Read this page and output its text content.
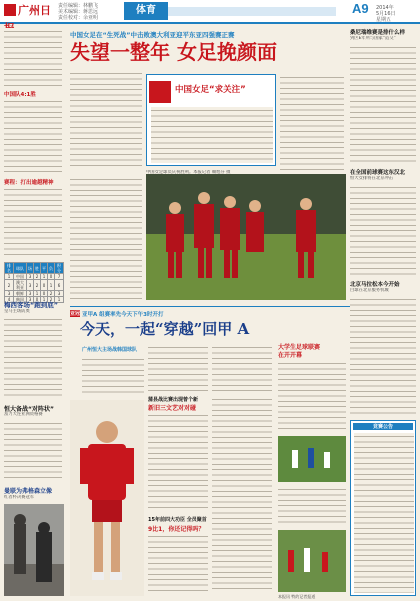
广州日	责任编辑：林鹏飞
美术编辑：蒋思远
责任校对：余亚明
体育	A9 2014年
5月16日
星期五
中国队4:1胜
赛程：打出逾越精神
排名	球队	场	胜	平	负	积分
1	中国	3	2	1	0	7
2	澳大利亚	3	2	0	1	6
3	朝鲜	3	1	0	2	3
4	韩国	3	0	1	2	1
梅西客场“跑到底”
皇马主场防奥
恒大备战“对阵状”
富力大连亚洲资格赛
曼联为弗格森立像
红者杯决赛冠军
中国女足在“生死战”中击败澳大利亚迎平东亚四强赛正赛
失望一整年 女足挽颜面
中国女足“求关注”
中国女足球员庆祝胜利。本报记者 赖旭芬 摄
亚冠 亚甲A 组赛率先今天下午3时开打
今天，一起“穿越”回甲 A
广州恒大主场战韩国球队
蒲县战比赛出现曾个新
新旧三文艺对对碰
15年前四大功臣 全员聚首
9比1，你还记得吗？
桑尼瑞维赛是排什么样
到区E年所与国家“造交”
在全国前球赛这东汉北
恒大女排将在北京冲击
北京马拉松本今开始
白球在北京服务机城
大学生足球联赛
在开开幕
竞赛公告
本报讯 特约记者报道
